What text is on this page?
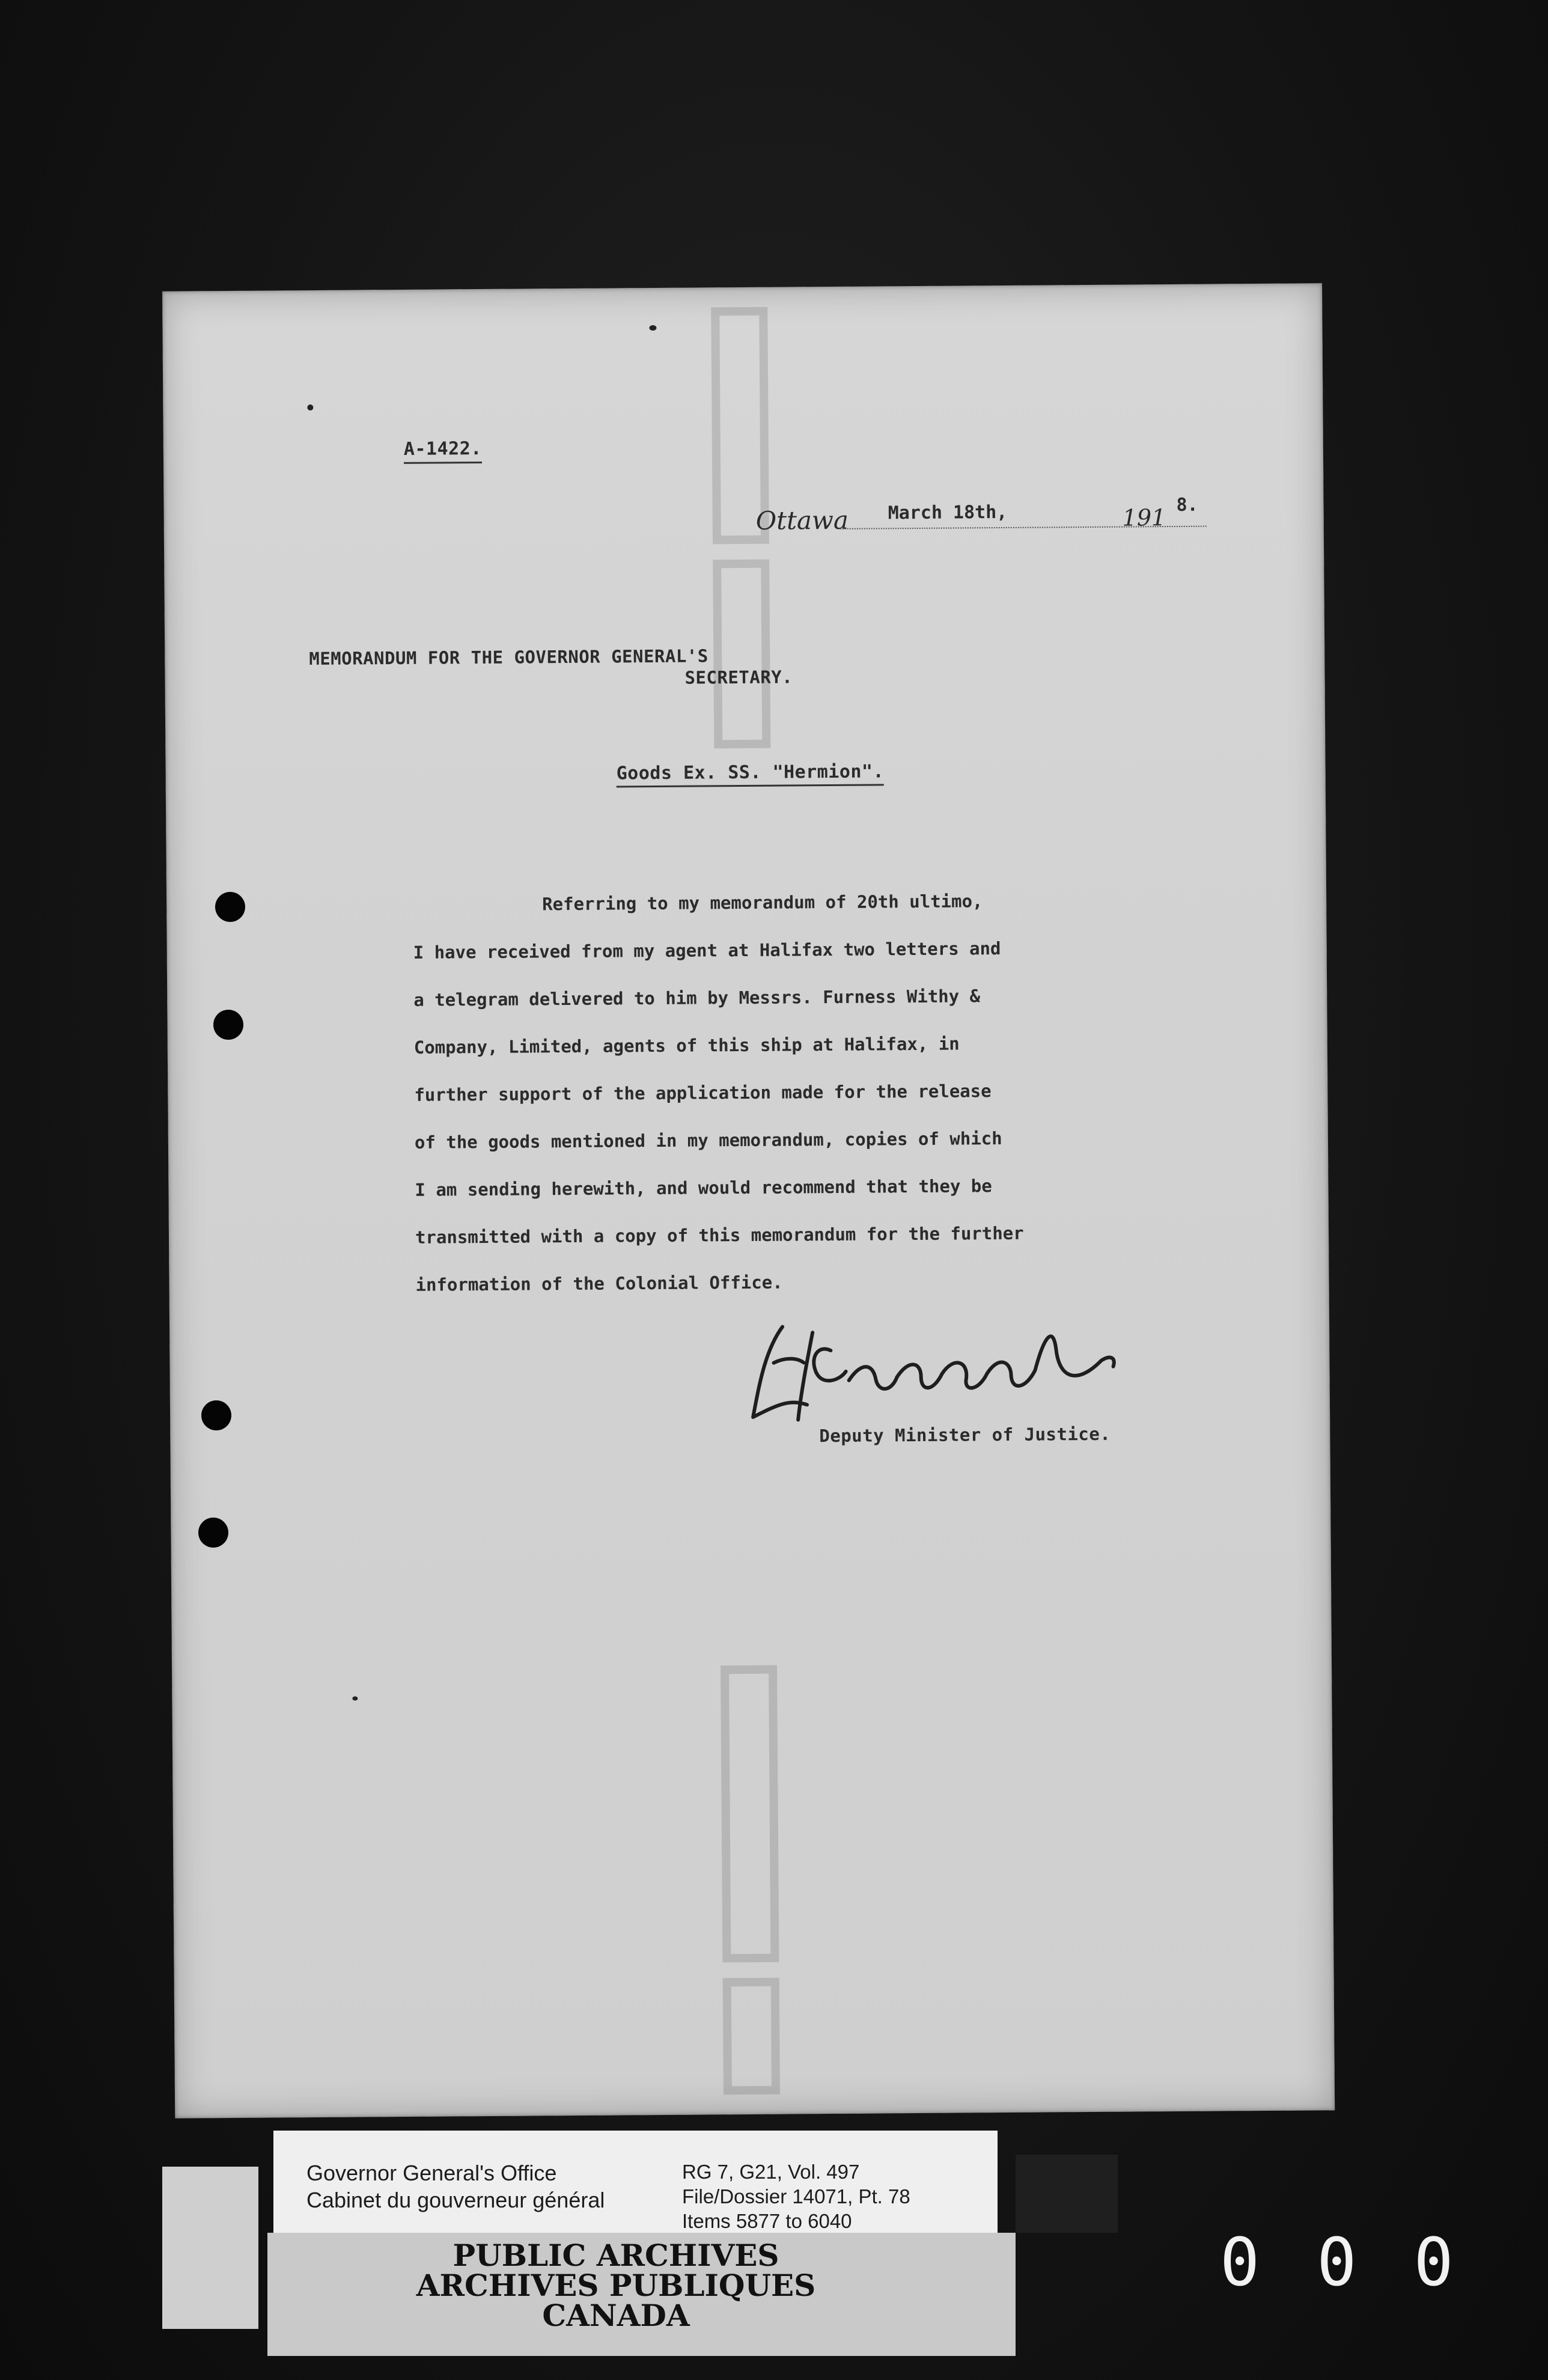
A-1422.
Ottawa March 18th,	191 8.
MEMORANDUM FOR THE GOVERNOR GENERAL'S
SECRETARY.
Goods Ex. SS. "Hermion".
Referring to my memorandum of 20th ultimo,
I have received from my agent at Halifax two letters and
a telegram delivered to him by Messrs. Furness Withy &
Company, Limited, agents of this ship at Halifax, in
further support of the application made for the release
of the goods mentioned in my memorandum, copies of which
I am sending herewith, and would recommend that they be
transmitted with a copy of this memorandum for the further
information of the Colonial Office.
Deputy Minister of Justice.
Governor General's Office
Cabinet du gouverneur général
RG 7, G21, Vol. 497
File/Dossier 14071, Pt. 78
Items 5877 to 6040
PUBLIC ARCHIVES
ARCHIVES PUBLIQUES
CANADA
000
